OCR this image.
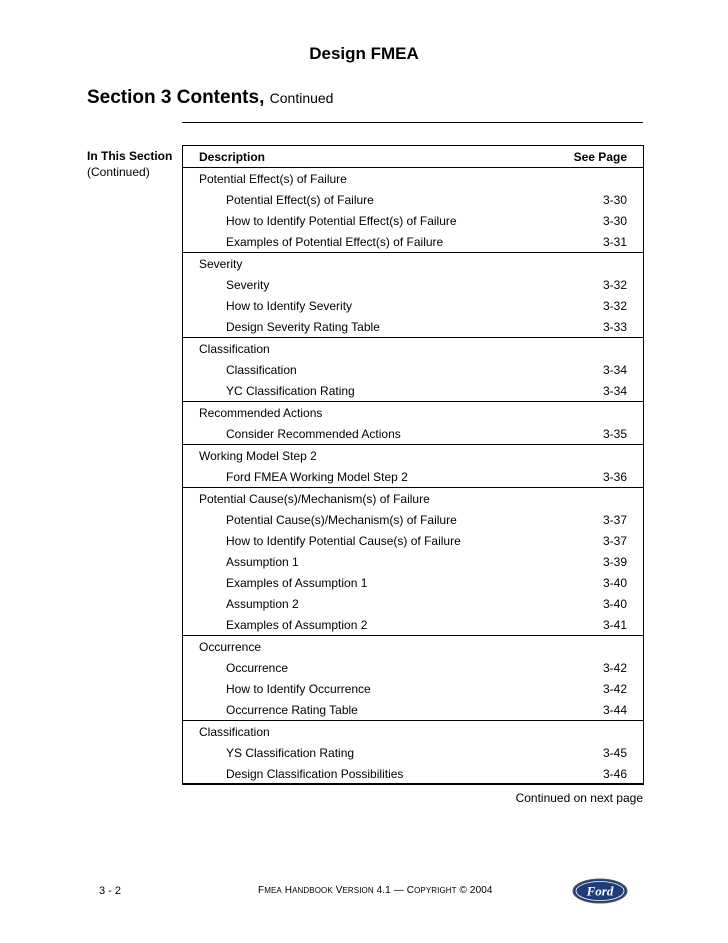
Design FMEA
Section 3 Contents, Continued
In This Section
(Continued)
Description	See Page
Potential Effect(s) of Failure	
Potential Effect(s) of Failure	3-30
How to Identify Potential Effect(s) of Failure	3-30
Examples of Potential Effect(s) of Failure	3-31
Severity	
Severity	3-32
How to Identify Severity	3-32
Design Severity Rating Table	3-33
Classification	
Classification	3-34
YC Classification Rating	3-34
Recommended Actions	
Consider Recommended Actions	3-35
Working Model Step 2	
Ford FMEA Working Model Step 2	3-36
Potential Cause(s)/Mechanism(s) of Failure	
Potential Cause(s)/Mechanism(s) of Failure	3-37
How to Identify Potential Cause(s) of Failure	3-37
Assumption 1	3-39
Examples of Assumption 1	3-40
Assumption 2	3-40
Examples of Assumption 2	3-41
Occurrence	
Occurrence	3-42
How to Identify Occurrence	3-42
Occurrence Rating Table	3-44
Classification	
YS Classification Rating	3-45
Design Classification Possibilities	3-46
Continued on next page
3 - 2	FMEA HANDBOOK VERSION 4.1 — COPYRIGHT © 2004	Ford
